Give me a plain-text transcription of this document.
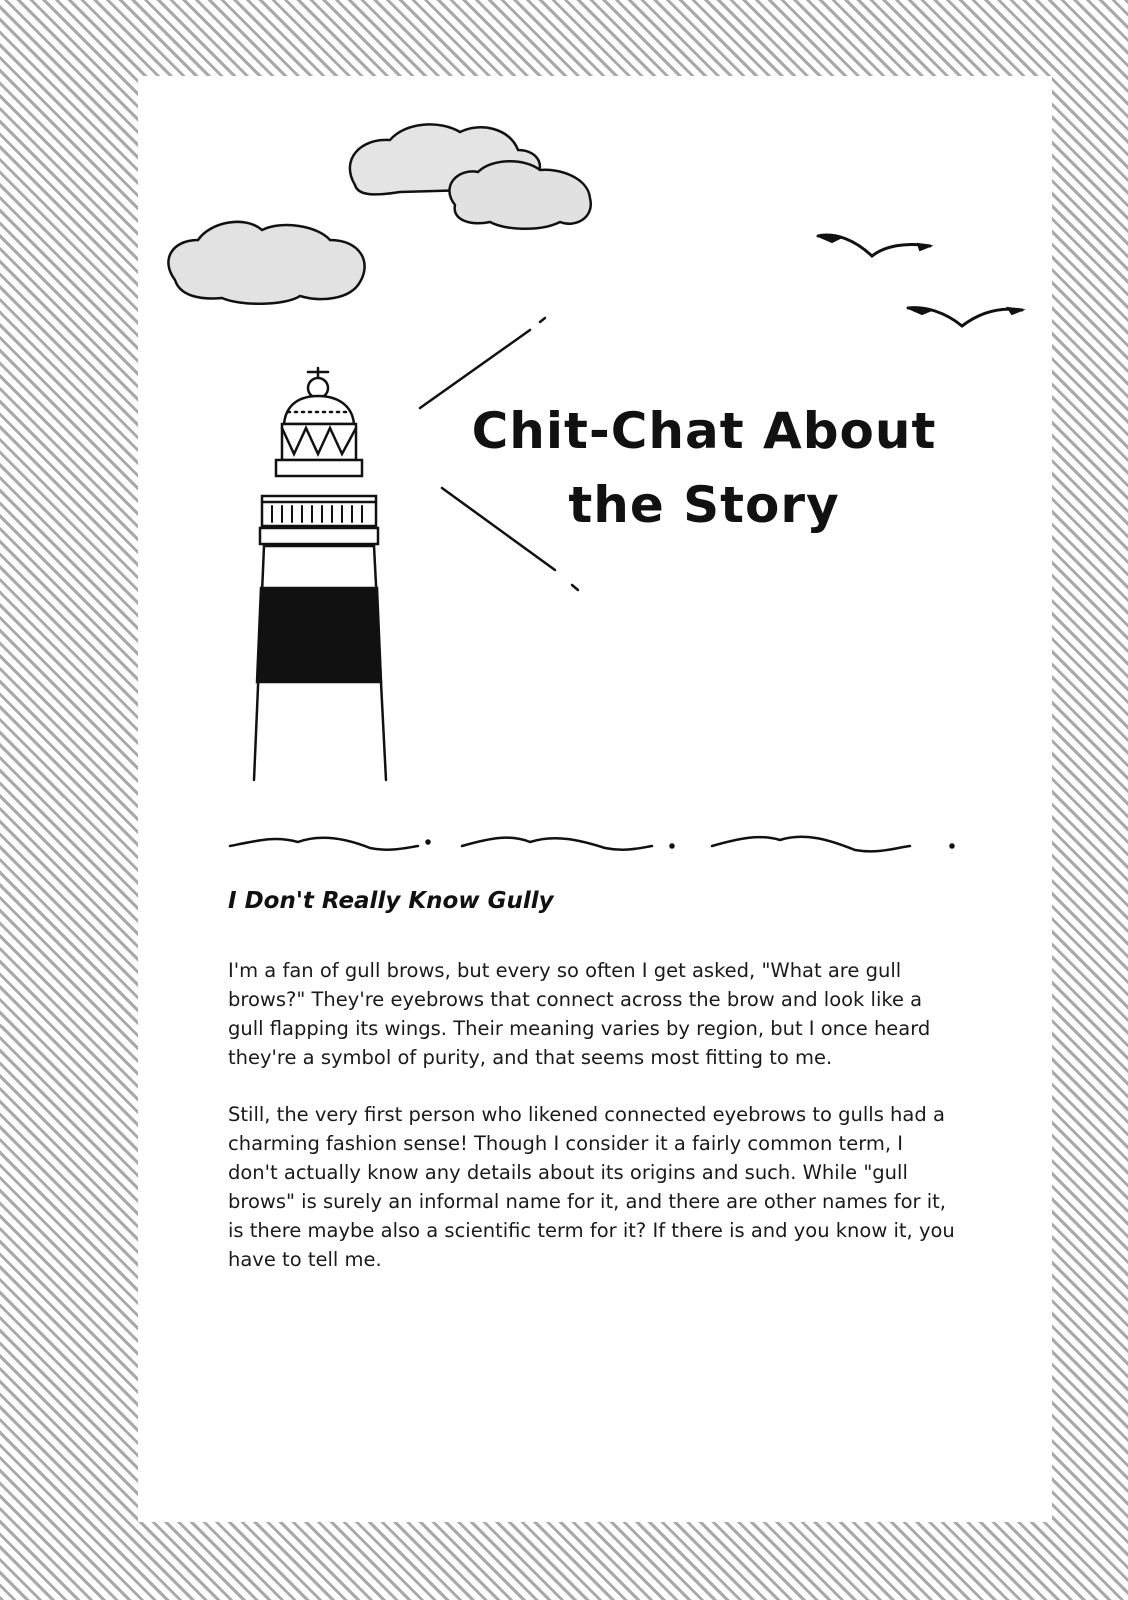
Chit-Chat About
the Story
I Don't Really Know Gully

I'm a fan of gull brows, but every so often I get asked, "What are gull brows?" They're eyebrows that connect across the brow and look like a gull flapping its wings. Their meaning varies by region, but I once heard they're a symbol of purity, and that seems most fitting to me.

Still, the very first person who likened connected eyebrows to gulls had a charming fashion sense! Though I consider it a fairly common term, I don't actually know any details about its origins and such. While "gull brows" is surely an informal name for it, and there are other names for it, is there maybe also a scientific term for it? If there is and you know it, you have to tell me.
